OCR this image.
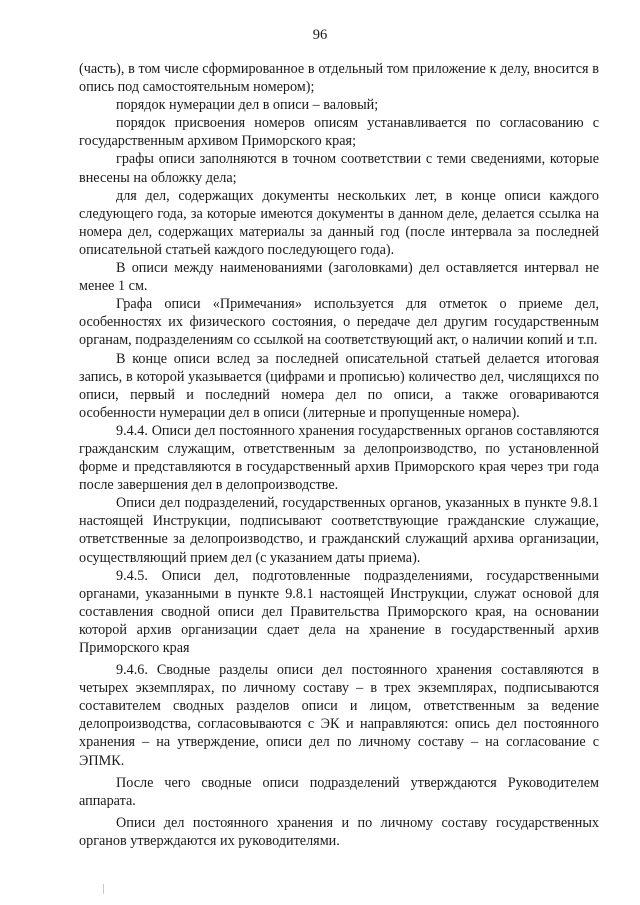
96

(часть), в том числе сформированное в отдельный том приложение к делу, вносится в опись под самостоятельным номером);

порядок нумерации дел в описи – валовый;

порядок присвоения номеров описям устанавливается по согласованию с государственным архивом Приморского края;

графы описи заполняются в точном соответствии с теми сведениями, которые внесены на обложку дела;

для дел, содержащих документы нескольких лет, в конце описи каждого следующего года, за которые имеются документы в данном деле, делается ссылка на номера дел, содержащих материалы за данный год (после интервала за последней описательной статьей каждого последующего года).

В описи между наименованиями (заголовками) дел оставляется интервал не менее 1 см.

Графа описи «Примечания» используется для отметок о приеме дел, особенностях их физического состояния, о передаче дел другим государственным органам, подразделениям со ссылкой на соответствующий акт, о наличии копий и т.п.

В конце описи вслед за последней описательной статьей делается итоговая запись, в которой указывается (цифрами и прописью) количество дел, числящихся по описи, первый и последний номера дел по описи, а также оговариваются особенности нумерации дел в описи (литерные и пропущенные номера).

9.4.4. Описи дел постоянного хранения государственных органов составляются гражданским служащим, ответственным за делопроизводство, по установленной форме и представляются в государственный архив Приморского края через три года после завершения дел в делопроизводстве.

Описи дел подразделений, государственных органов, указанных в пункте 9.8.1 настоящей Инструкции, подписывают соответствующие гражданские служащие, ответственные за делопроизводство, и гражданский служащий архива организации, осуществляющий прием дел (с указанием даты приема).

9.4.5. Описи дел, подготовленные подразделениями, государственными органами, указанными в пункте 9.8.1 настоящей Инструкции, служат основой для составления сводной описи дел Правительства Приморского края, на основании которой архив организации сдает дела на хранение в государственный архив Приморского края

9.4.6. Сводные разделы описи дел постоянного хранения составляются в четырех экземплярах, по личному составу – в трех экземплярах, подписываются составителем сводных разделов описи и лицом, ответственным за ведение делопроизводства, согласовываются с ЭК и направляются: опись дел постоянного хранения – на утверждение, описи дел по личному составу – на согласование с ЭПМК.

После чего сводные описи подразделений утверждаются Руководителем аппарата.

Описи дел постоянного хранения и по личному составу государственных органов утверждаются их руководителями.
